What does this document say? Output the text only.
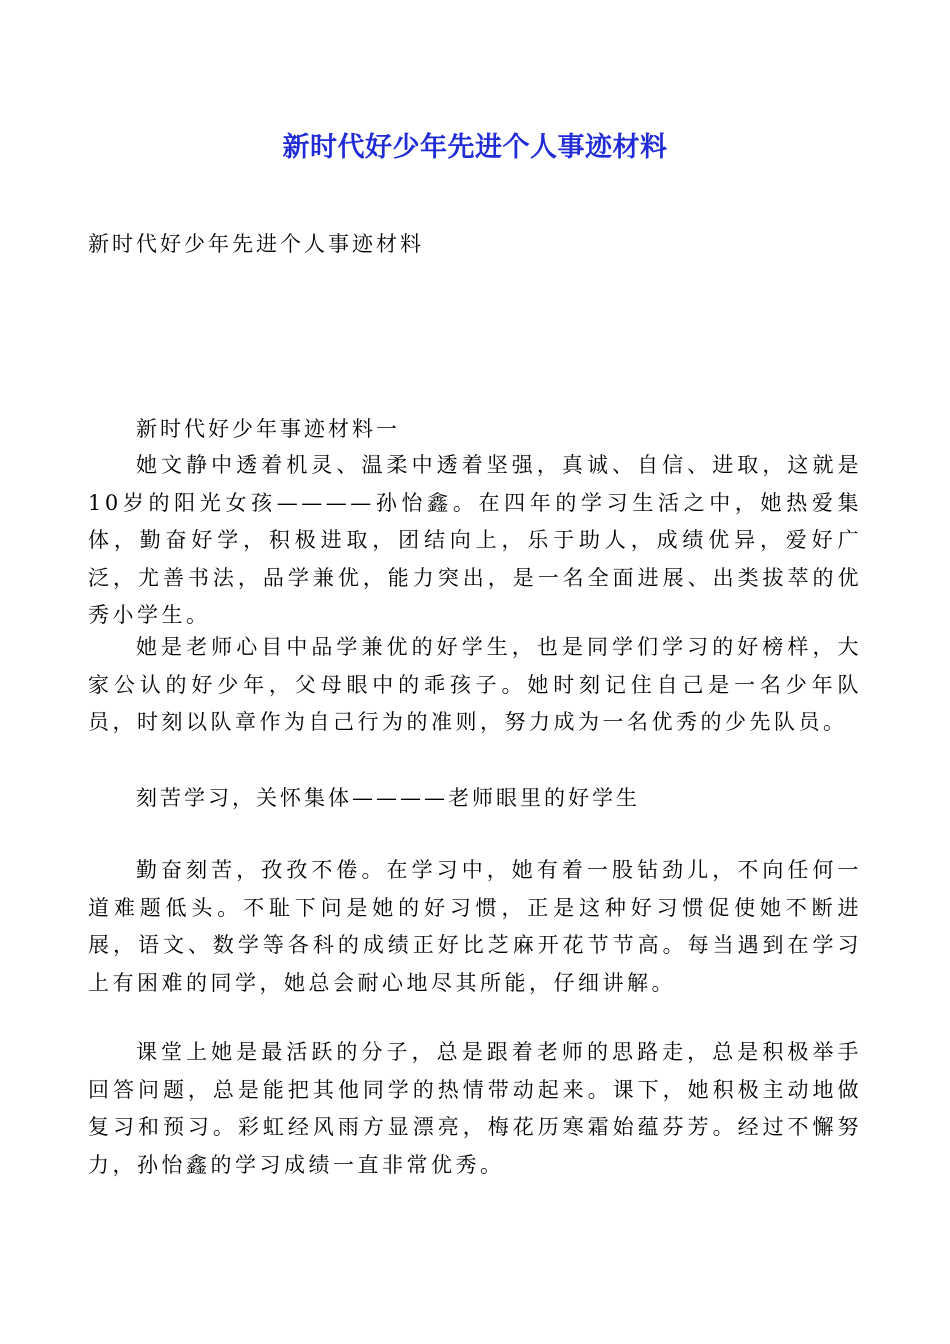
新时代好少年先进个人事迹材料
新时代好少年先进个人事迹材料
新时代好少年事迹材料一

她文静中透着机灵、温柔中透着坚强，真诚、自信、进取，这就是10岁的阳光女孩————孙怡鑫。在四年的学习生活之中，她热爱集体，勤奋好学，积极进取，团结向上，乐于助人，成绩优异，爱好广泛，尤善书法，品学兼优，能力突出，是一名全面进展、出类拔萃的优秀小学生。

她是老师心目中品学兼优的好学生，也是同学们学习的好榜样，大家公认的好少年，父母眼中的乖孩子。她时刻记住自己是一名少年队员，时刻以队章作为自己行为的准则，努力成为一名优秀的少先队员。

刻苦学习，关怀集体————老师眼里的好学生

勤奋刻苦，孜孜不倦。在学习中，她有着一股钻劲儿，不向任何一道难题低头。不耻下问是她的好习惯，正是这种好习惯促使她不断进展，语文、数学等各科的成绩正好比芝麻开花节节高。每当遇到在学习上有困难的同学，她总会耐心地尽其所能，仔细讲解。

课堂上她是最活跃的分子，总是跟着老师的思路走，总是积极举手回答问题，总是能把其他同学的热情带动起来。课下，她积极主动地做复习和预习。彩虹经风雨方显漂亮，梅花历寒霜始蕴芬芳。经过不懈努力，孙怡鑫的学习成绩一直非常优秀。
